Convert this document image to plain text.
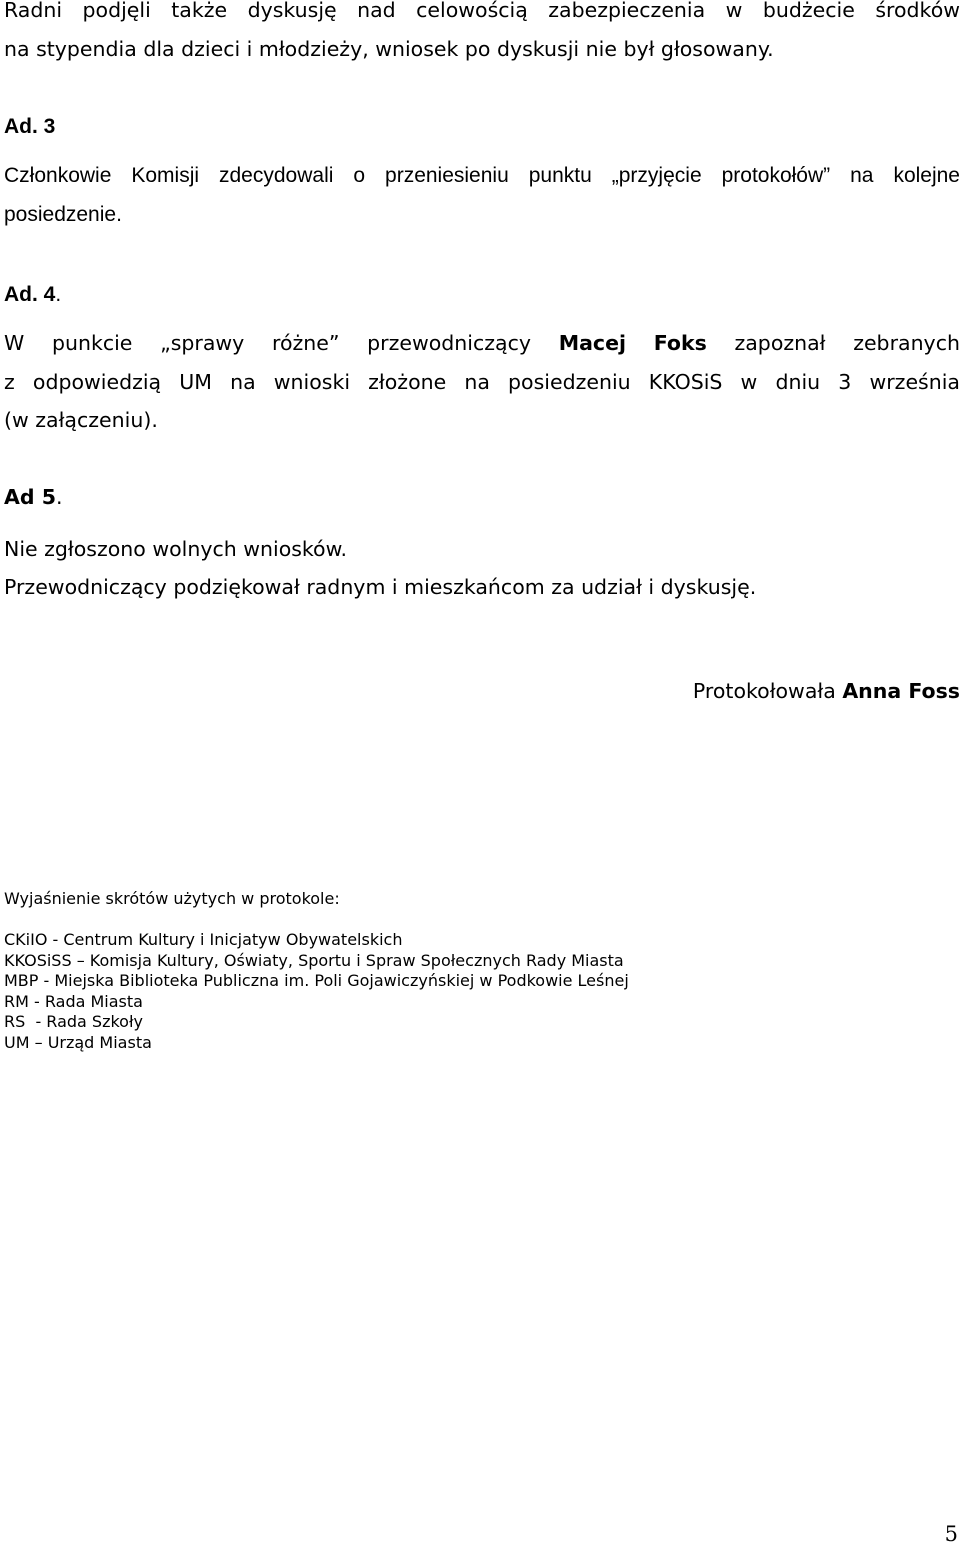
Radni podjęli także dyskusję nad celowością zabezpieczenia w budżecie środków
na stypendia dla dzieci i młodzieży, wniosek po dyskusji nie był głosowany.

Ad. 3

Członkowie Komisji zdecydowali o przeniesieniu punktu „przyjęcie protokołów” na kolejne
posiedzenie.

Ad. 4.

W punkcie „sprawy różne” przewodniczący Macej Foks zapoznał zebranych
z odpowiedzią UM na wnioski złożone na posiedzeniu KKOSiS w dniu 3 września
(w załączeniu).

Ad 5.

Nie zgłoszono wolnych wniosków.
Przewodniczący podziękował radnym i mieszkańcom za udział i dyskusję.

Protokołowała Anna Foss

Wyjaśnienie skrótów użytych w protokole:

CKiIO - Centrum Kultury i Inicjatyw Obywatelskich
KKOSiSS – Komisja Kultury, Oświaty, Sportu i Spraw Społecznych Rady Miasta
MBP - Miejska Biblioteka Publiczna im. Poli Gojawiczyńskiej w Podkowie Leśnej
RM - Rada Miasta
RS  - Rada Szkoły
UM – Urząd Miasta
5
